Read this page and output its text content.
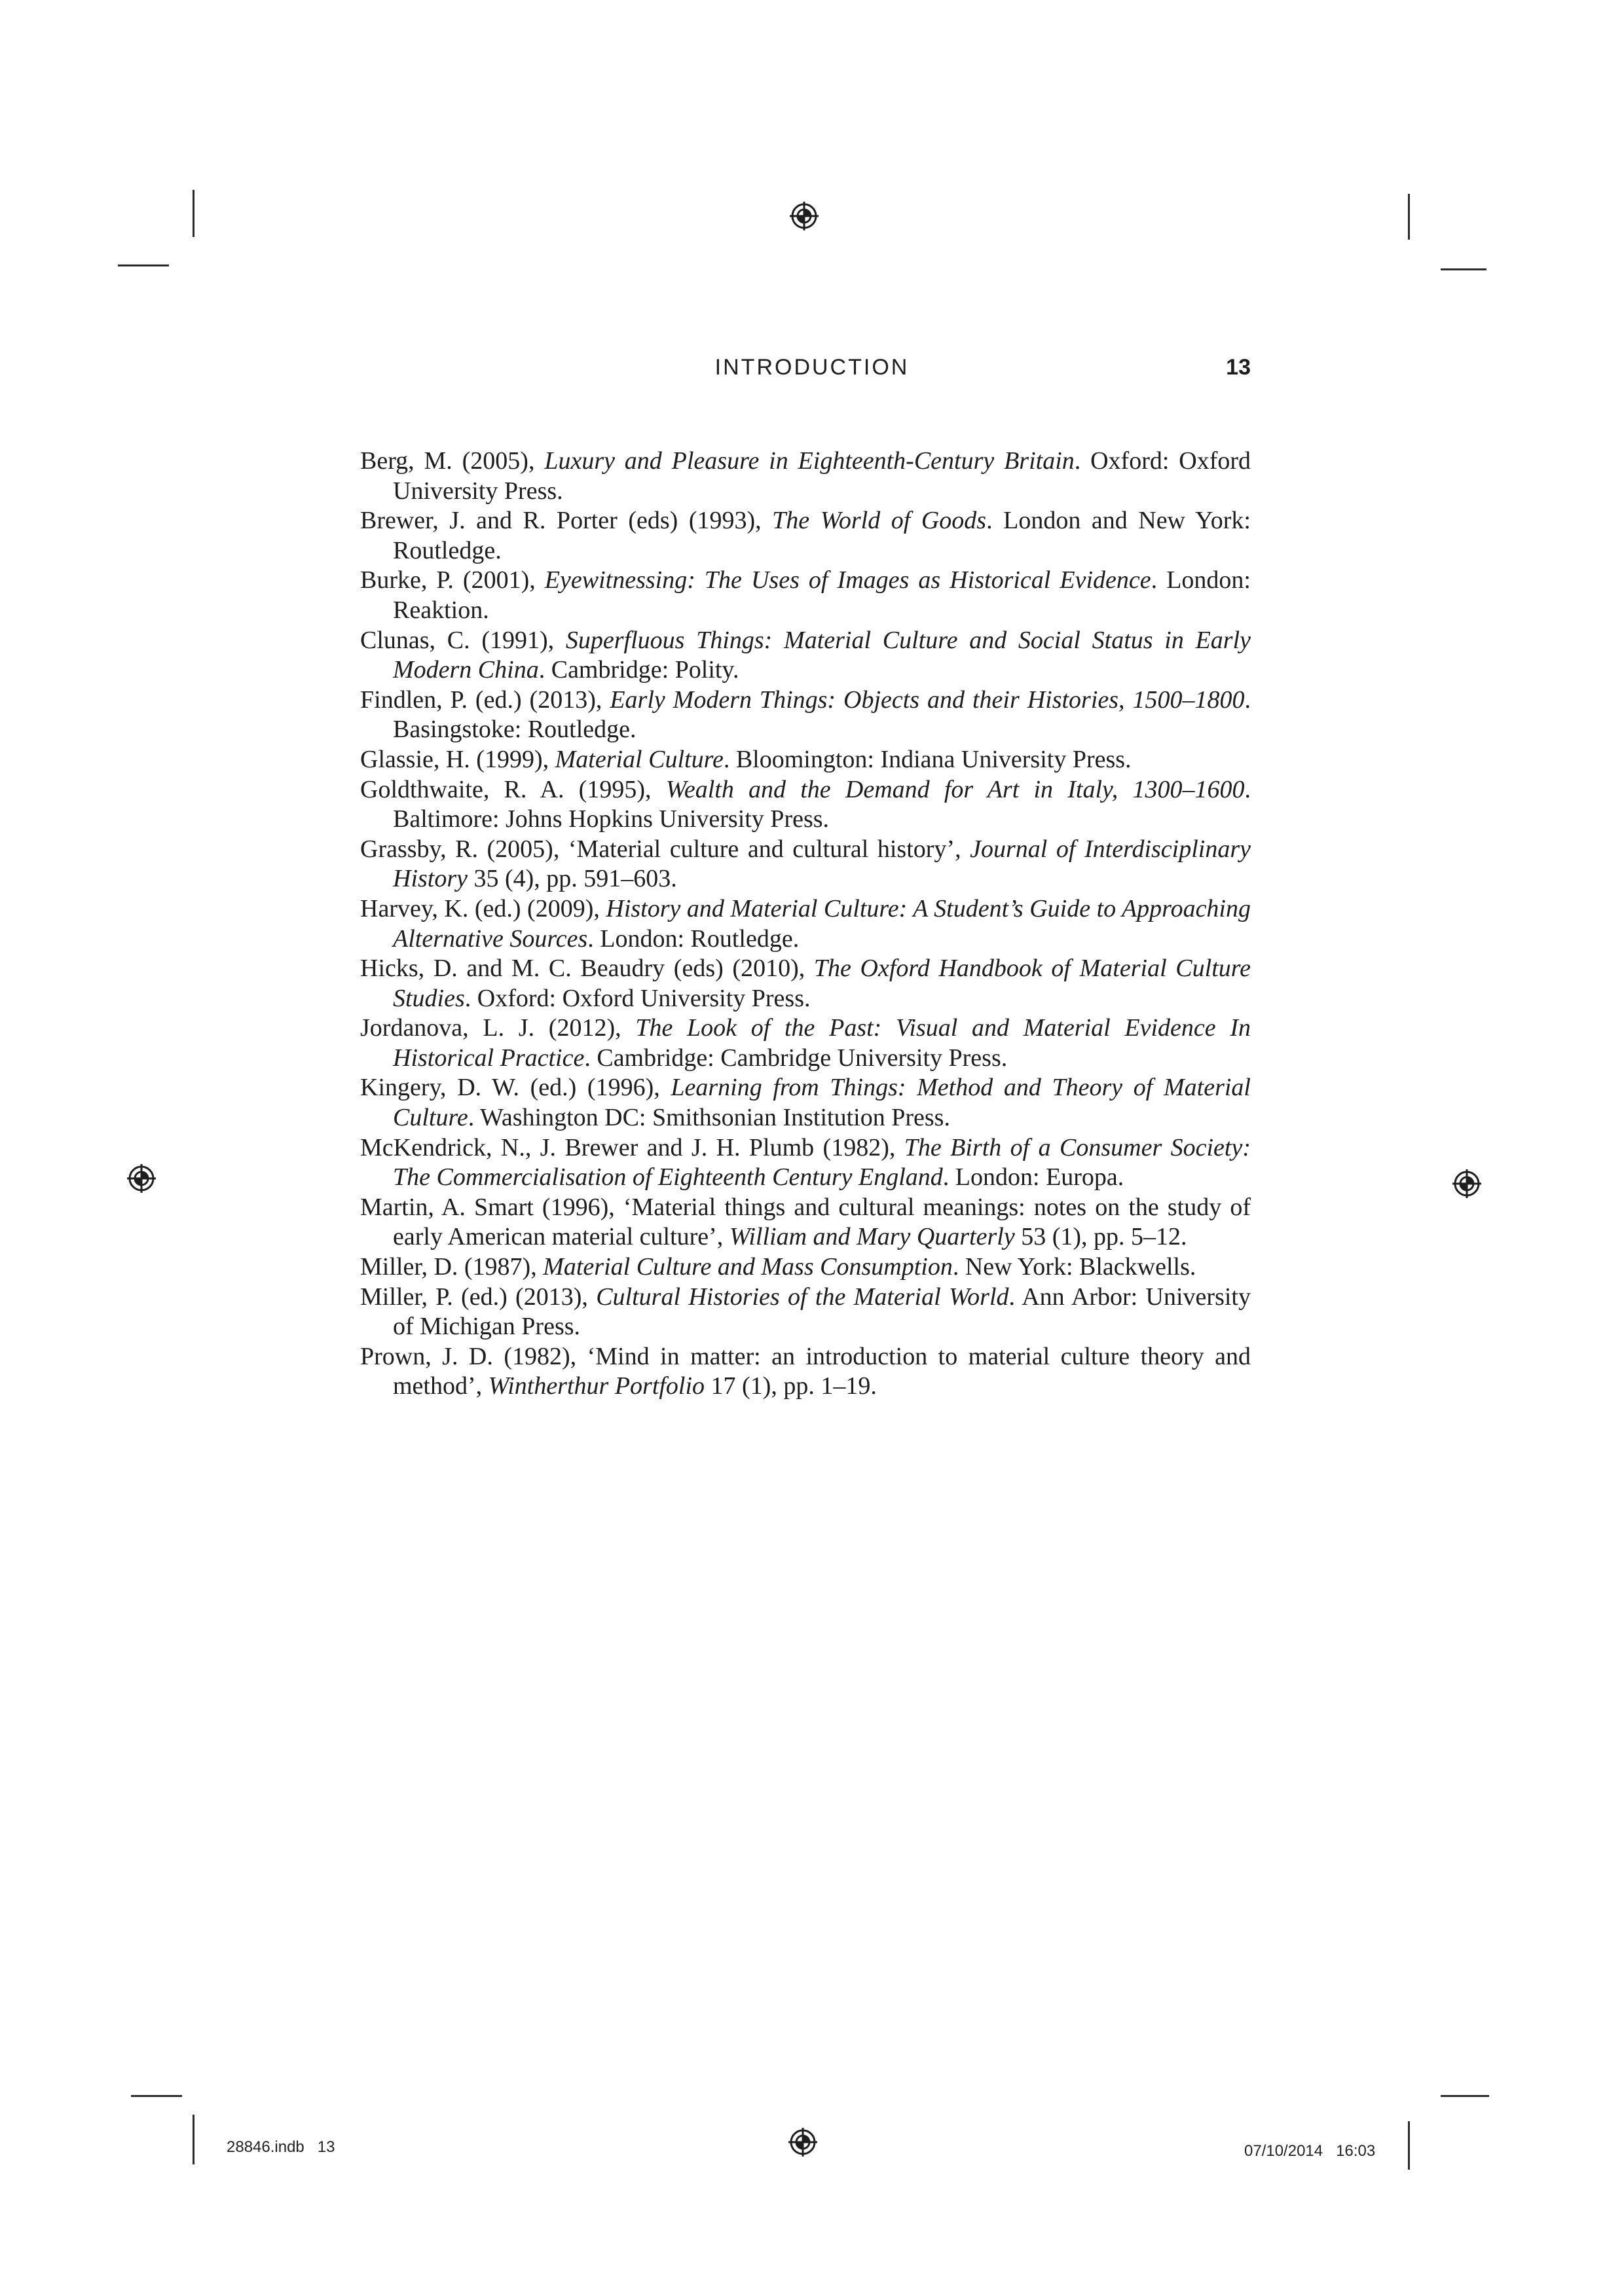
INTRODUCTION	13
Berg, M. (2005), Luxury and Pleasure in Eighteenth-Century Britain. Oxford: Oxford University Press.
Brewer, J. and R. Porter (eds) (1993), The World of Goods. London and New York: Routledge.
Burke, P. (2001), Eyewitnessing: The Uses of Images as Historical Evidence. London: Reaktion.
Clunas, C. (1991), Superfluous Things: Material Culture and Social Status in Early Modern China. Cambridge: Polity.
Findlen, P. (ed.) (2013), Early Modern Things: Objects and their Histories, 1500–1800. Basingstoke: Routledge.
Glassie, H. (1999), Material Culture. Bloomington: Indiana University Press.
Goldthwaite, R. A. (1995), Wealth and the Demand for Art in Italy, 1300–1600. Baltimore: Johns Hopkins University Press.
Grassby, R. (2005), ‘Material culture and cultural history’, Journal of Interdisciplinary History 35 (4), pp. 591–603.
Harvey, K. (ed.) (2009), History and Material Culture: A Student’s Guide to Approaching Alternative Sources. London: Routledge.
Hicks, D. and M. C. Beaudry (eds) (2010), The Oxford Handbook of Material Culture Studies. Oxford: Oxford University Press.
Jordanova, L. J. (2012), The Look of the Past: Visual and Material Evidence In Historical Practice. Cambridge: Cambridge University Press.
Kingery, D. W. (ed.) (1996), Learning from Things: Method and Theory of Material Culture. Washington DC: Smithsonian Institution Press.
McKendrick, N., J. Brewer and J. H. Plumb (1982), The Birth of a Consumer Society: The Commercialisation of Eighteenth Century England. London: Europa.
Martin, A. Smart (1996), ‘Material things and cultural meanings: notes on the study of early American material culture’, William and Mary Quarterly 53 (1), pp. 5–12.
Miller, D. (1987), Material Culture and Mass Consumption. New York: Blackwells.
Miller, P. (ed.) (2013), Cultural Histories of the Material World. Ann Arbor: University of Michigan Press.
Prown, J. D. (1982), ‘Mind in matter: an introduction to material culture theory and method’, Wintherthur Portfolio 17 (1), pp. 1–19.
28846.indb   13	07/10/2014   16:03
